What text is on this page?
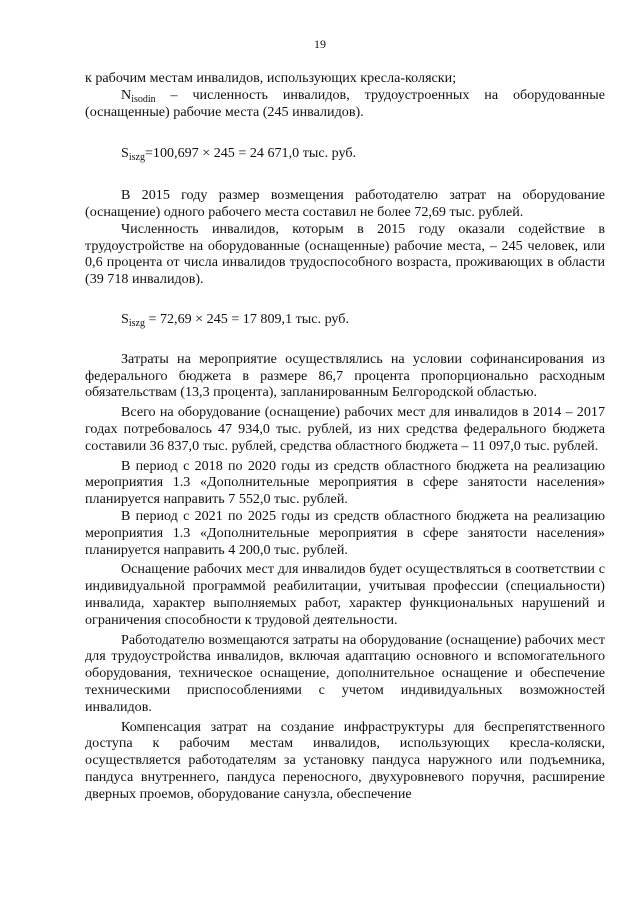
19

к рабочим местам инвалидов, использующих кресла-коляски;

$N_{isodin}$ – численность инвалидов, трудоустроенных на оборудованные (оснащенные) рабочие места (245 инвалидов).

$S_{iszg}=100,697 \times 245 = 24$ 671,0 тыс. руб.

В 2015 году размер возмещения работодателю затрат на оборудование (оснащение) одного рабочего места составил не более 72,69 тыс. рублей.

Численность инвалидов, которым в 2015 году оказали содействие в трудоустройстве на оборудованные (оснащенные) рабочие места, – 245 человек, или 0,6 процента от числа инвалидов трудоспособного возраста, проживающих в области (39 718 инвалидов).

$S_{iszg} = 72,69 \times 245 = 17$ 809,1 тыс. руб.

Затраты на мероприятие осуществлялись на условии софинансирования из федерального бюджета в размере 86,7 процента пропорционально расходным обязательствам (13,3 процента), запланированным Белгородской областью.

Всего на оборудование (оснащение) рабочих мест для инвалидов в 2014 – 2017 годах потребовалось 47 934,0 тыс. рублей, из них средства федерального бюджета составили 36 837,0 тыс. рублей, средства областного бюджета – 11 097,0 тыс. рублей.

В период с 2018 по 2020 годы из средств областного бюджета на реализацию мероприятия 1.3 «Дополнительные мероприятия в сфере занятости населения» планируется направить 7 552,0 тыс. рублей.

В период с 2021 по 2025 годы из средств областного бюджета на реализацию мероприятия 1.3 «Дополнительные мероприятия в сфере занятости населения» планируется направить 4 200,0 тыс. рублей.

Оснащение рабочих мест для инвалидов будет осуществляться в соответствии с индивидуальной программой реабилитации, учитывая профессии (специальности) инвалида, характер выполняемых работ, характер функциональных нарушений и ограничения способности к трудовой деятельности.

Работодателю возмещаются затраты на оборудование (оснащение) рабочих мест для трудоустройства инвалидов, включая адаптацию основного и вспомогательного оборудования, техническое оснащение, дополнительное оснащение и обеспечение техническими приспособлениями с учетом индивидуальных возможностей инвалидов.

Компенсация затрат на создание инфраструктуры для беспрепятственного доступа к рабочим местам инвалидов, использующих кресла-коляски, осуществляется работодателям за установку пандуса наружного или подъемника, пандуса внутреннего, пандуса переносного, двухуровневого поручня, расширение дверных проемов, оборудование санузла, обеспечение
